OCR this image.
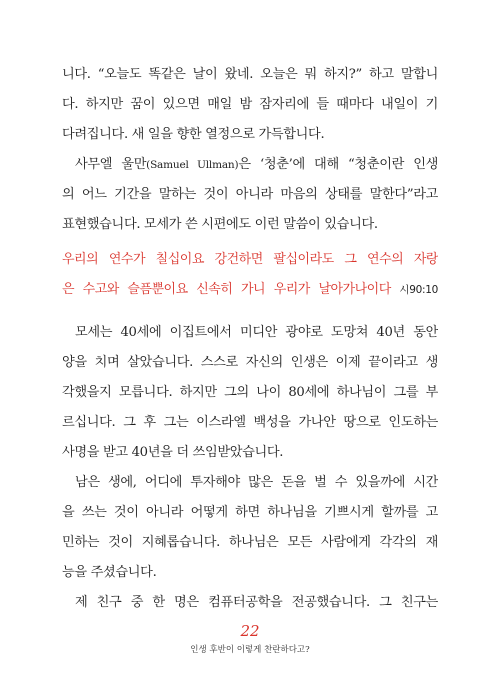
니다. “오늘도 똑같은 날이 왔네. 오늘은 뭐 하지?” 하고 말합니
다. 하지만 꿈이 있으면 매일 밤 잠자리에 들 때마다 내일이 기
다려집니다. 새 일을 향한 열정으로 가득합니다.
사무엘 울만(Samuel Ullman)은 ‘청춘’에 대해 “청춘이란 인생
의 어느 기간을 말하는 것이 아니라 마음의 상태를 말한다”라고
표현했습니다. 모세가 쓴 시편에도 이런 말씀이 있습니다.
우리의 연수가 칠십이요 강건하면 팔십이라도 그 연수의 자랑
은 수고와 슬픔뿐이요 신속히 가니 우리가 날아가나이다 시90:10
모세는 40세에 이집트에서 미디안 광야로 도망쳐 40년 동안
양을 치며 살았습니다. 스스로 자신의 인생은 이제 끝이라고 생
각했을지 모릅니다. 하지만 그의 나이 80세에 하나님이 그를 부
르십니다. 그 후 그는 이스라엘 백성을 가나안 땅으로 인도하는
사명을 받고 40년을 더 쓰임받았습니다.
남은 생에, 어디에 투자해야 많은 돈을 벌 수 있을까에 시간
을 쓰는 것이 아니라 어떻게 하면 하나님을 기쁘시게 할까를 고
민하는 것이 지혜롭습니다. 하나님은 모든 사람에게 각각의 재
능을 주셨습니다.
제 친구 중 한 명은 컴퓨터공학을 전공했습니다. 그 친구는
22
인생 후반이 이렇게 찬란하다고?
